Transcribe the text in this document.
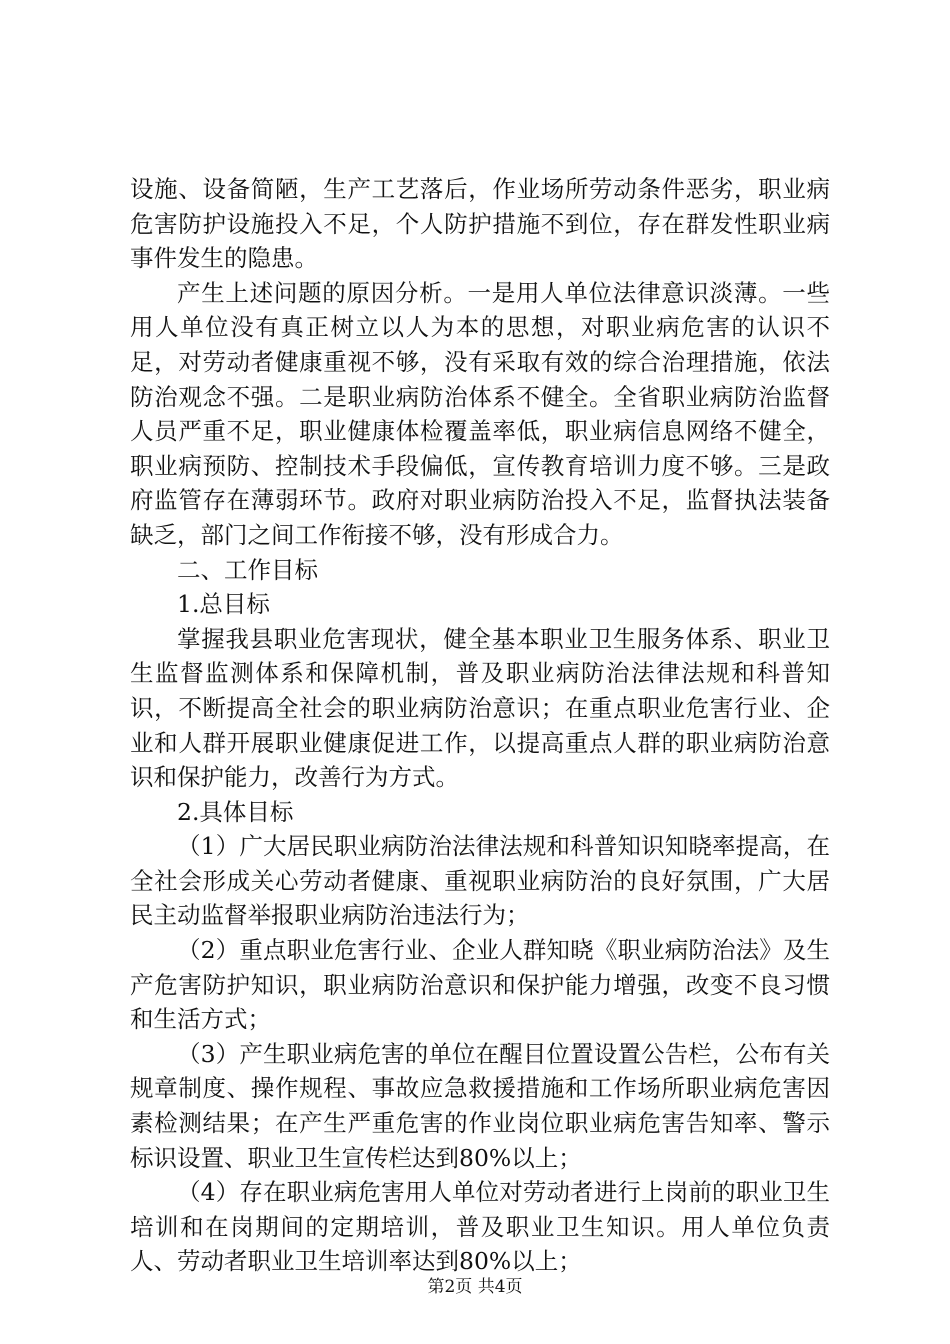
设施、设备简陋，生产工艺落后，作业场所劳动条件恶劣，职业病危害防护设施投入不足，个人防护措施不到位，存在群发性职业病事件发生的隐患。

产生上述问题的原因分析。一是用人单位法律意识淡薄。一些用人单位没有真正树立以人为本的思想，对职业病危害的认识不足，对劳动者健康重视不够，没有采取有效的综合治理措施，依法防治观念不强。二是职业病防治体系不健全。全省职业病防治监督人员严重不足，职业健康体检覆盖率低，职业病信息网络不健全，职业病预防、控制技术手段偏低，宣传教育培训力度不够。三是政府监管存在薄弱环节。政府对职业病防治投入不足，监督执法装备缺乏，部门之间工作衔接不够，没有形成合力。

二、工作目标

1.总目标

掌握我县职业危害现状，健全基本职业卫生服务体系、职业卫生监督监测体系和保障机制，普及职业病防治法律法规和科普知识，不断提高全社会的职业病防治意识；在重点职业危害行业、企业和人群开展职业健康促进工作，以提高重点人群的职业病防治意识和保护能力，改善行为方式。

2.具体目标

（1）广大居民职业病防治法律法规和科普知识知晓率提高，在全社会形成关心劳动者健康、重视职业病防治的良好氛围，广大居民主动监督举报职业病防治违法行为；

（2）重点职业危害行业、企业人群知晓《职业病防治法》及生产危害防护知识，职业病防治意识和保护能力增强，改变不良习惯和生活方式；

（3）产生职业病危害的单位在醒目位置设置公告栏，公布有关规章制度、操作规程、事故应急救援措施和工作场所职业病危害因素检测结果；在产生严重危害的作业岗位职业病危害告知率、警示标识设置、职业卫生宣传栏达到80%以上；

（4）存在职业病危害用人单位对劳动者进行上岗前的职业卫生培训和在岗期间的定期培训，普及职业卫生知识。用人单位负责人、劳动者职业卫生培训率达到80%以上；

第2页 共4页
